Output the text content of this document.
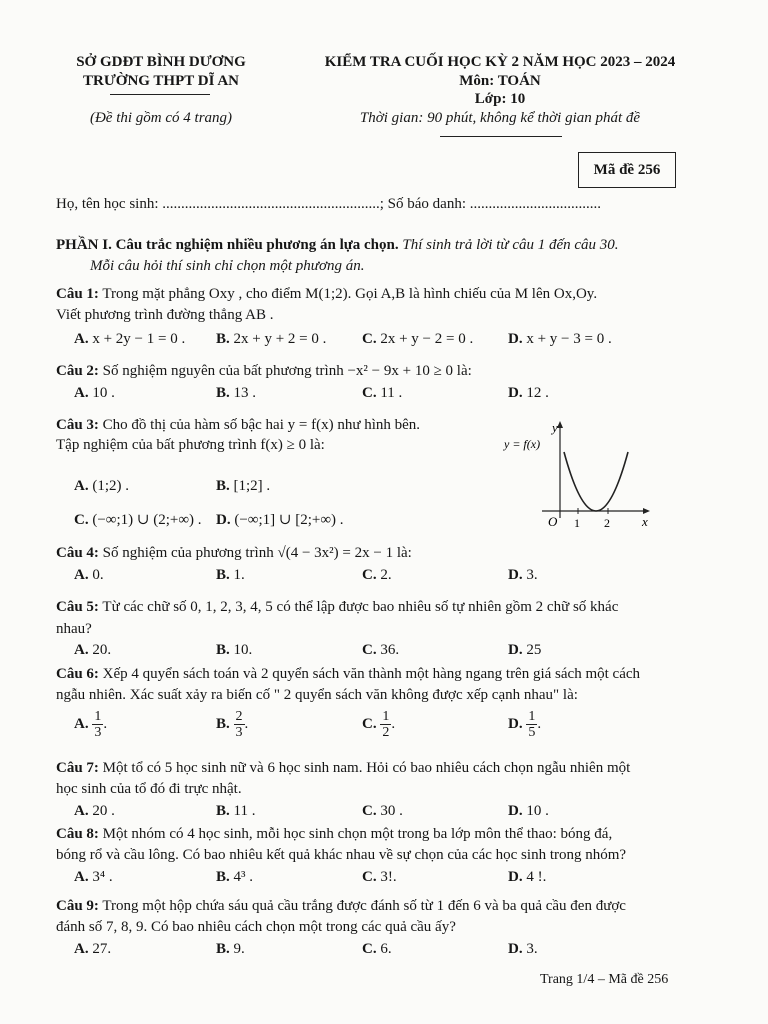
SỞ GDĐT BÌNH DƯƠNG
TRƯỜNG THPT DĨ AN
(Đề thi gồm có 4 trang)
KIỂM TRA CUỐI HỌC KỲ 2 NĂM HỌC 2023 – 2024
Môn: TOÁN
Lớp: 10
Thời gian: 90 phút, không kể thời gian phát đề
Mã đề 256
Họ, tên học sinh: ..........................................................; Số báo danh: ...................................
PHẦN I. Câu trắc nghiệm nhiều phương án lựa chọn. Thí sinh trả lời từ câu 1 đến câu 30.
Mỗi câu hỏi thí sinh chỉ chọn một phương án.
Câu 1: Trong mặt phẳng Oxy , cho điểm M(1;2). Gọi A,B là hình chiếu của M lên Ox,Oy.
Viết phương trình đường thẳng AB .
A. x + 2y − 1 = 0 . B. 2x + y + 2 = 0 . C. 2x + y − 2 = 0 . D. x + y − 3 = 0 .
Câu 2: Số nghiệm nguyên của bất phương trình −x² − 9x + 10 ≥ 0 là:
A. 10 .	B. 13 .	C. 11 .	D. 12 .
Câu 3: Cho đồ thị của hàm số bậc hai y = f(x) như hình bên.
Tập nghiệm của bất phương trình f(x) ≥ 0 là:
A. (1;2) .	B. [1;2] .
C. (−∞;1) ∪ (2;+∞) . D. (−∞;1] ∪ [2;+∞) .
y
y = f(x)
x
O 1 2
Câu 4: Số nghiệm của phương trình √(4 − 3x²) = 2x − 1 là:
A. 0.	B. 1.	C. 2.	D. 3.
Câu 5: Từ các chữ số 0, 1, 2, 3, 4, 5 có thể lập được bao nhiêu số tự nhiên gồm 2 chữ số khác
nhau?
A. 20.	B. 10.	C. 36.	D. 25
Câu 6: Xếp 4 quyển sách toán và 2 quyển sách văn thành một hàng ngang trên giá sách một cách
ngẫu nhiên. Xác suất xảy ra biến cố " 2 quyển sách văn không được xếp cạnh nhau" là:
A. $\frac{1}{3}$ .	B. $\frac{2}{3}$ .	C. $\frac{1}{2}$ .	D. $\frac{1}{5}$ .
Câu 7: Một tổ có 5 học sinh nữ và 6 học sinh nam. Hỏi có bao nhiêu cách chọn ngẫu nhiên một
học sinh của tổ đó đi trực nhật.
A. 20 .	B. 11 .	C. 30 .	D. 10 .
Câu 8: Một nhóm có 4 học sinh, mỗi học sinh chọn một trong ba lớp môn thể thao: bóng đá,
bóng rổ và cầu lông. Có bao nhiêu kết quả khác nhau về sự chọn của các học sinh trong nhóm?
A. 3⁴ .	B. 4³ .	C. 3!.	D. 4 !.
Câu 9: Trong một hộp chứa sáu quả cầu trắng được đánh số từ 1 đến 6 và ba quả cầu đen được
đánh số 7, 8, 9. Có bao nhiêu cách chọn một trong các quả cầu ấy?
A. 27.	B. 9.	C. 6.	D. 3.
Trang 1/4 – Mã đề 256
